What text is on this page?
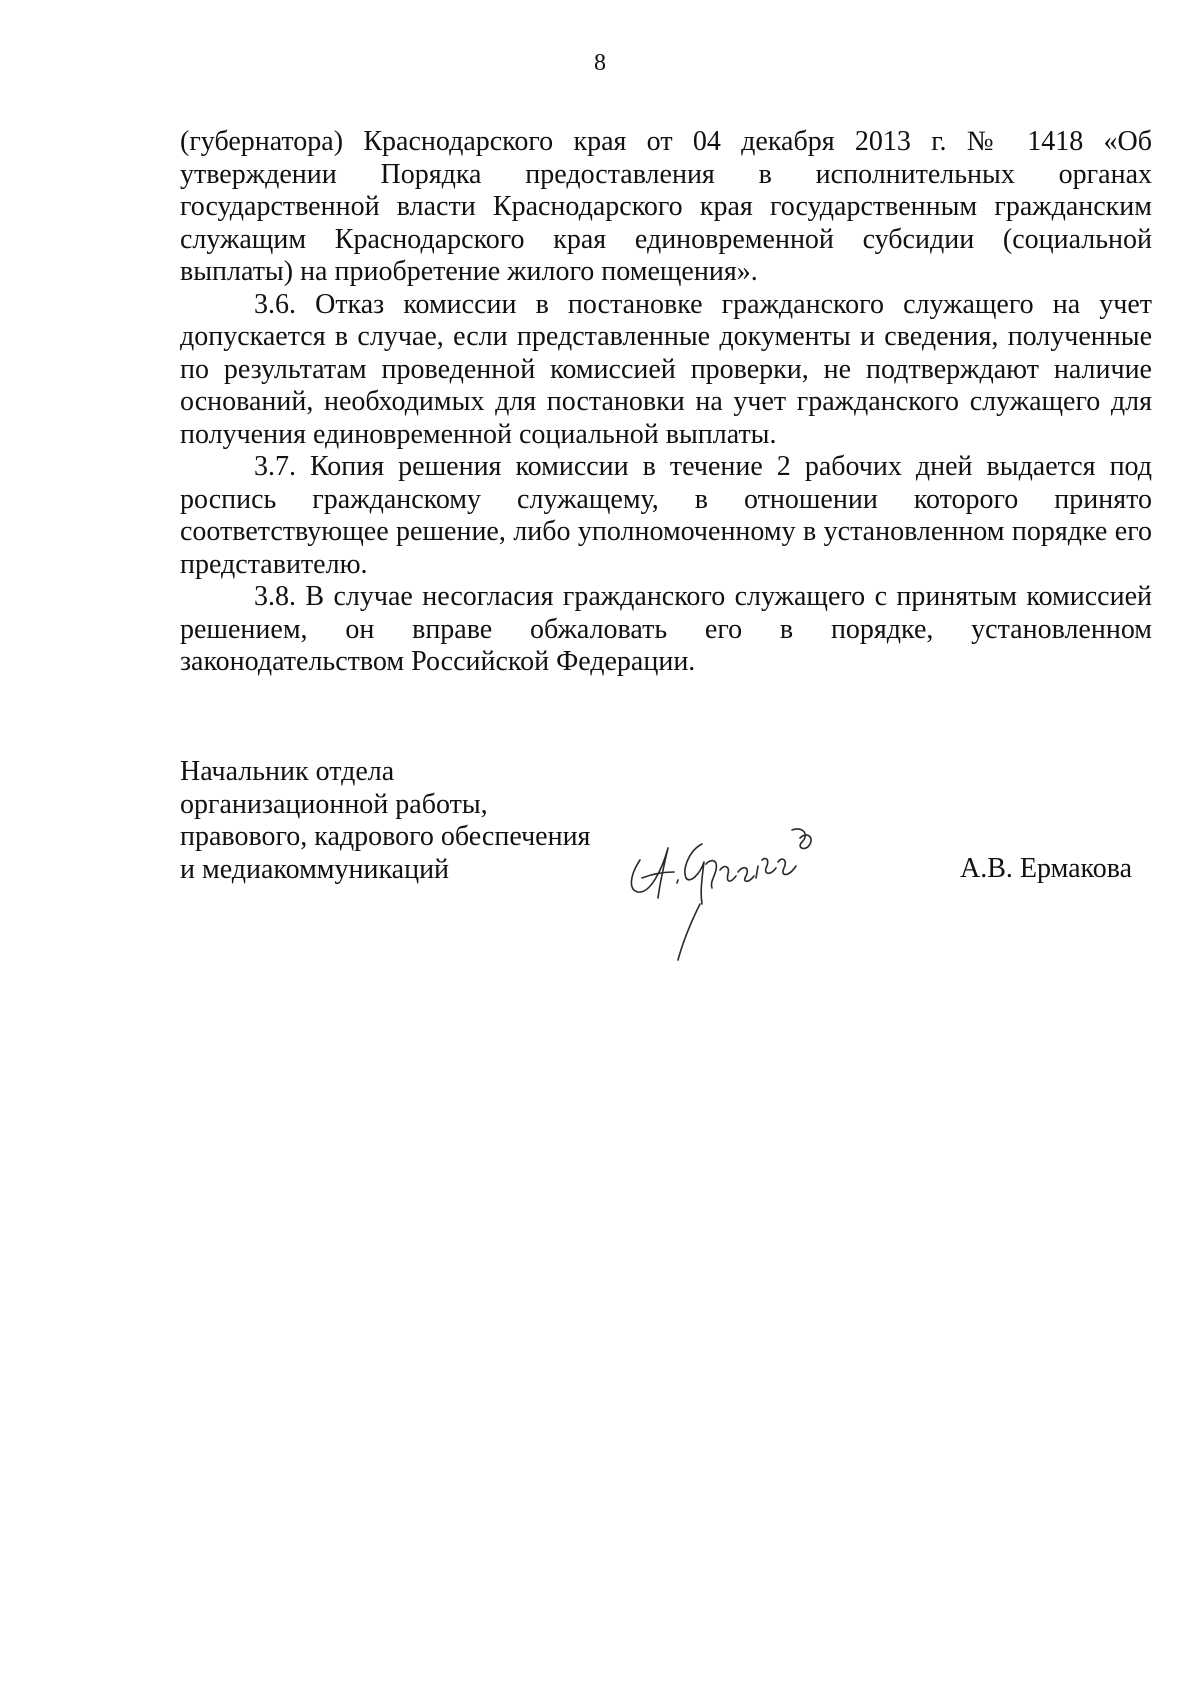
8

(губернатора) Краснодарского края от 04 декабря 2013 г. № 1418 «Об утверждении Порядка предоставления в исполнительных органах государственной власти Краснодарского края государственным гражданским служащим Краснодарского края единовременной субсидии (социальной выплаты) на приобретение жилого помещения».

3.6. Отказ комиссии в постановке гражданского служащего на учет допускается в случае, если представленные документы и сведения, полученные по результатам проведенной комиссией проверки, не подтверждают наличие оснований, необходимых для постановки на учет гражданского служащего для получения единовременной социальной выплаты.

3.7. Копия решения комиссии в течение 2 рабочих дней выдается под роспись гражданскому служащему, в отношении которого принято соответствующее решение, либо уполномоченному в установленном порядке его представителю.

3.8. В случае несогласия гражданского служащего с принятым комиссией решением, он вправе обжаловать его в порядке, установленном законодательством Российской Федерации.

Начальник отдела
организационной работы,
правового, кадрового обеспечения
и медиакоммуникаций	А.В. Ермакова
